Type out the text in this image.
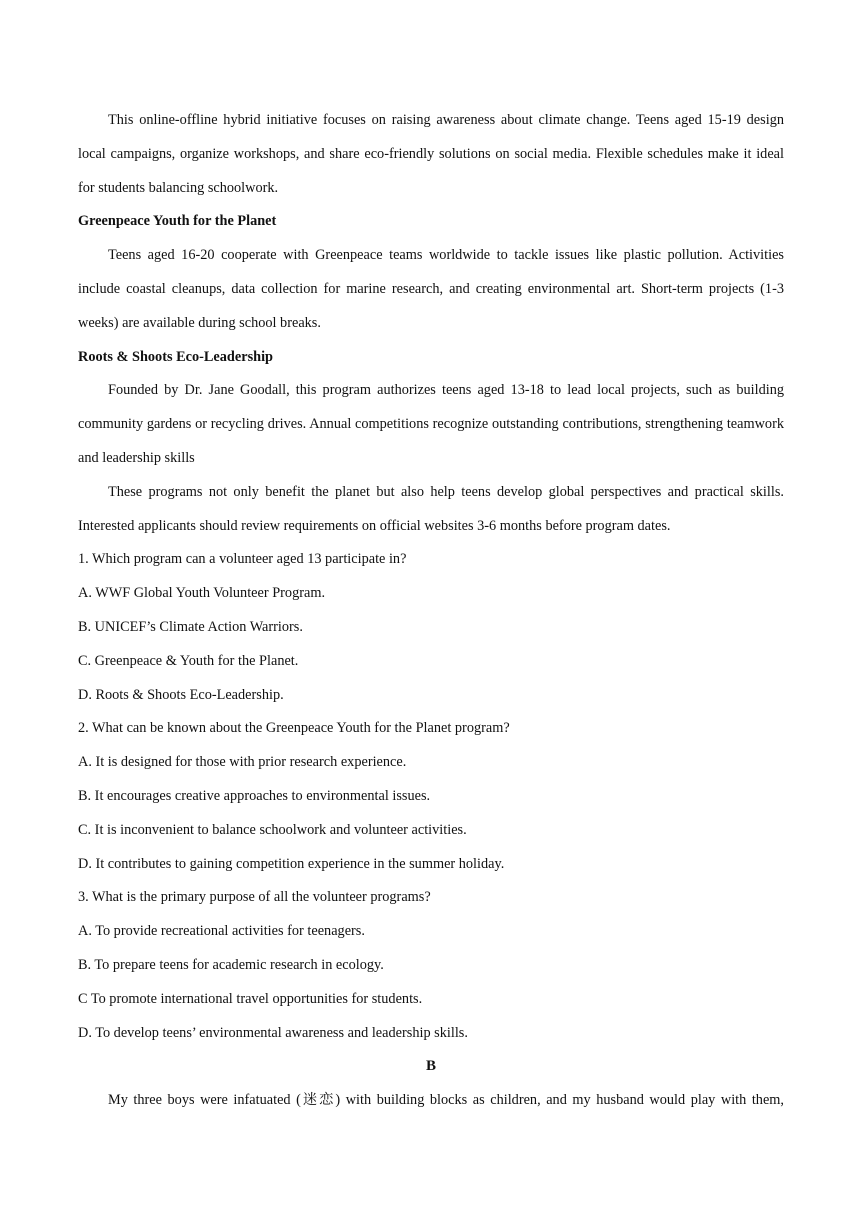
This online-offline hybrid initiative focuses on raising awareness about climate change. Teens aged 15-19 design local campaigns, organize workshops, and share eco-friendly solutions on social media. Flexible schedules make it ideal for students balancing schoolwork.

Greenpeace Youth for the Planet

Teens aged 16-20 cooperate with Greenpeace teams worldwide to tackle issues like plastic pollution. Activities include coastal cleanups, data collection for marine research, and creating environmental art. Short-term projects (1-3 weeks) are available during school breaks.

Roots & Shoots Eco-Leadership

Founded by Dr. Jane Goodall, this program authorizes teens aged 13-18 to lead local projects, such as building community gardens or recycling drives. Annual competitions recognize outstanding contributions, strengthening teamwork and leadership skills

These programs not only benefit the planet but also help teens develop global perspectives and practical skills. Interested applicants should review requirements on official websites 3-6 months before program dates.

1. Which program can a volunteer aged 13 participate in?

A. WWF Global Youth Volunteer Program.

B. UNICEF’s Climate Action Warriors.

C. Greenpeace & Youth for the Planet.

D. Roots & Shoots Eco-Leadership.

2. What can be known about the Greenpeace Youth for the Planet program?

A. It is designed for those with prior research experience.

B. It encourages creative approaches to environmental issues.

C. It is inconvenient to balance schoolwork and volunteer activities.

D. It contributes to gaining competition experience in the summer holiday.

3. What is the primary purpose of all the volunteer programs?

A. To provide recreational activities for teenagers.

B. To prepare teens for academic research in ecology.

C To promote international travel opportunities for students.

D. To develop teens’ environmental awareness and leadership skills.

B

My three boys were infatuated (迷恋) with building blocks as children, and my husband would play with them,
